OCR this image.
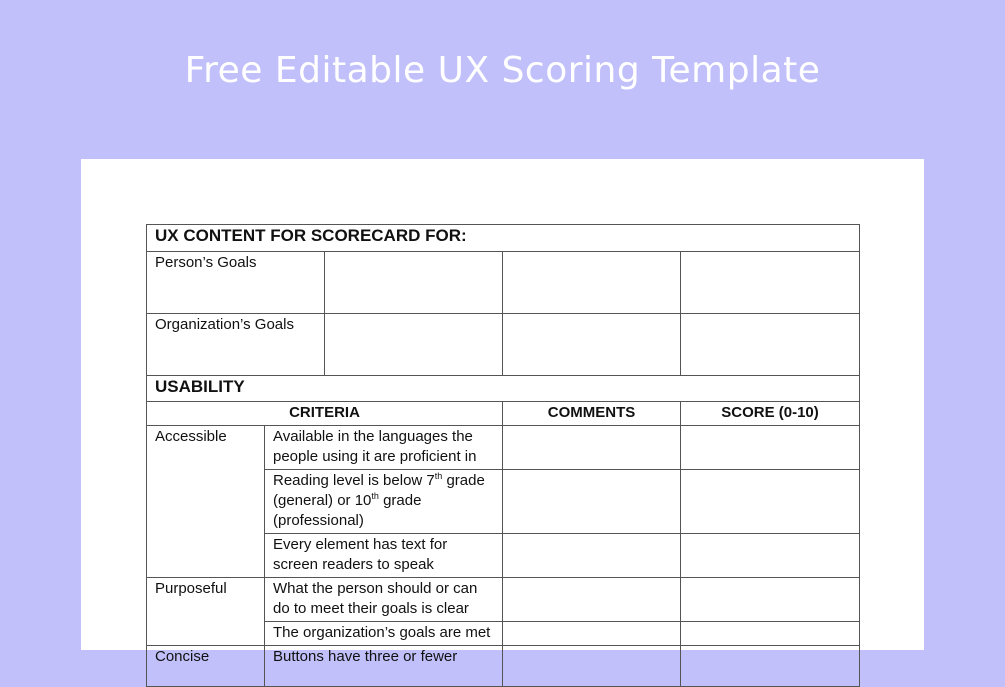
Free Editable UX Scoring Template
UX CONTENT FOR SCORECARD FOR:				
Person’s Goals				
Organization’s Goals				
USABILITY				
CRITERIA			COMMENTS	SCORE (0-10)
Accessible	Available in the languages the people using it are proficient in			
	Reading level is below 7th grade (general) or 10th grade (professional)			
	Every element has text for screen readers to speak			
Purposeful	What the person should or can do to meet their goals is clear			
	The organization’s goals are met			
Concise	Buttons have three or fewer			
